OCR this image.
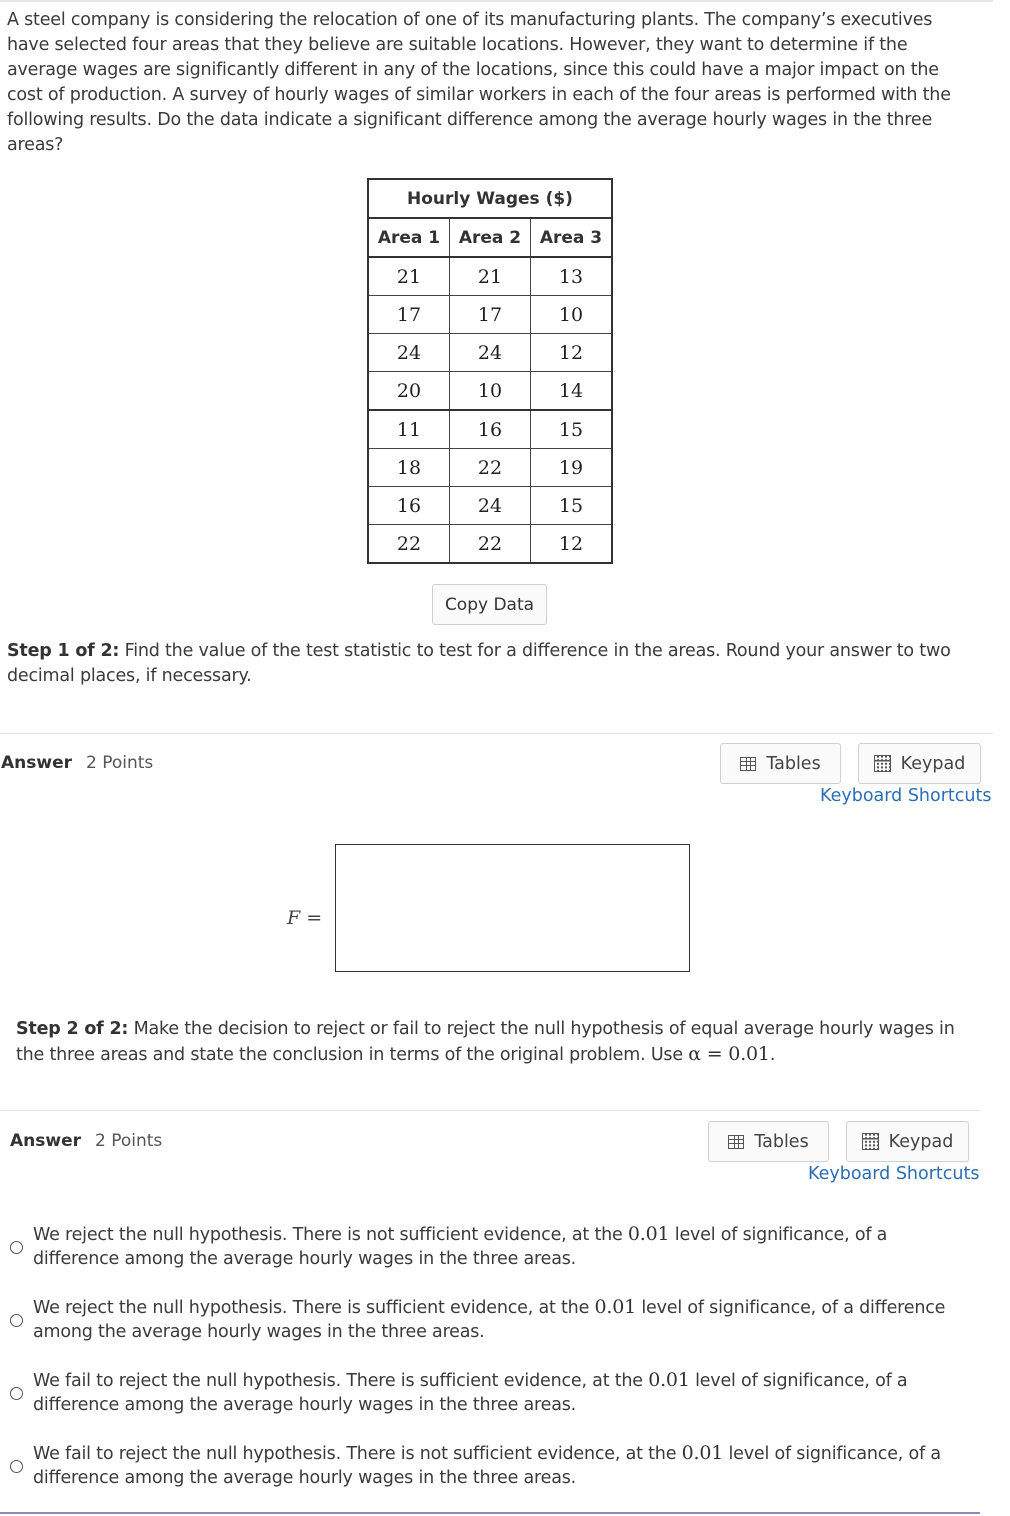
A steel company is considering the relocation of one of its manufacturing plants. The company’s executives have selected four areas that they believe are suitable locations. However, they want to determine if the average wages are significantly different in any of the locations, since this could have a major impact on the cost of production. A survey of hourly wages of similar workers in each of the four areas is performed with the following results. Do the data indicate a significant difference among the average hourly wages in the three areas?
Hourly Wages ($)		
Area 1	Area 2	Area 3
21	21	13
17	17	10
24	24	12
20	10	14
11	16	15
18	22	19
16	24	15
22	22	12
Copy Data
Step 1 of 2: Find the value of the test statistic to test for a difference in the areas. Round your answer to two decimal places, if necessary.
Answer 2 Points	Tables	Keypad
Keyboard Shortcuts
F =
Step 2 of 2: Make the decision to reject or fail to reject the null hypothesis of equal average hourly wages in the three areas and state the conclusion in terms of the original problem. Use α = 0.01.
Answer 2 Points	Tables	Keypad
Keyboard Shortcuts
We reject the null hypothesis. There is not sufficient evidence, at the 0.01 level of significance, of a difference among the average hourly wages in the three areas.
We reject the null hypothesis. There is sufficient evidence, at the 0.01 level of significance, of a difference among the average hourly wages in the three areas.
We fail to reject the null hypothesis. There is sufficient evidence, at the 0.01 level of significance, of a difference among the average hourly wages in the three areas.
We fail to reject the null hypothesis. There is not sufficient evidence, at the 0.01 level of significance, of a difference among the average hourly wages in the three areas.
